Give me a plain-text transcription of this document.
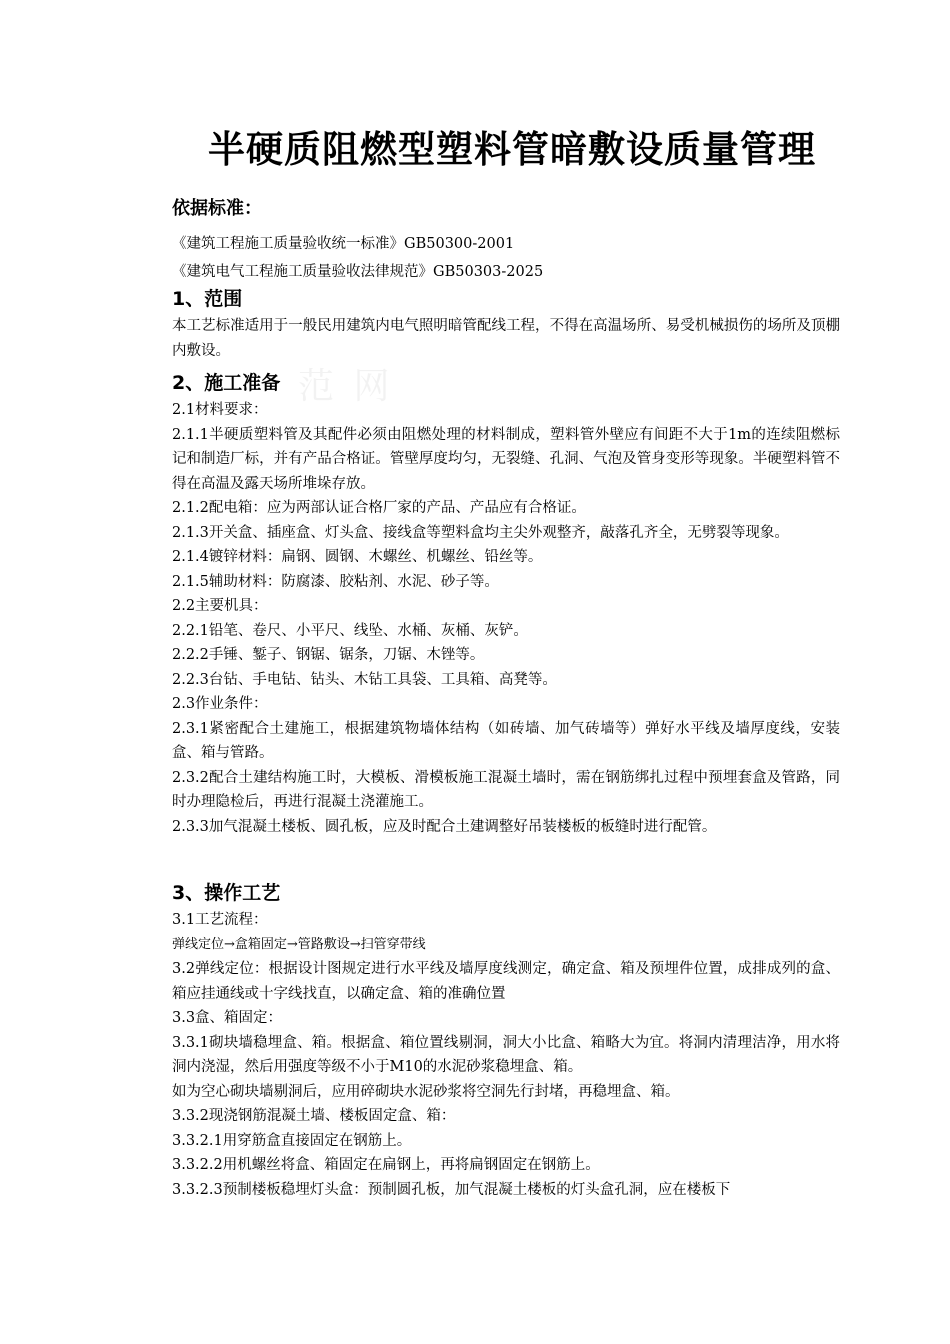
范 网
半硬质阻燃型塑料管暗敷设质量管理
依据标准：
《建筑工程施工质量验收统一标准》GB50300-2001
《建筑电气工程施工质量验收法律规范》GB50303-2025
1、范围

本工艺标准适用于一般民用建筑内电气照明暗管配线工程，不得在高温场所、易受机械损伤的场所及顶棚内敷设。

2、施工准备

2.1材料要求：

2.1.1半硬质塑料管及其配件必须由阻燃处理的材料制成，塑料管外壁应有间距不大于1m的连续阻燃标记和制造厂标，并有产品合格证。管壁厚度均匀，无裂缝、孔洞、气泡及管身变形等现象。半硬塑料管不得在高温及露天场所堆垛存放。

2.1.2配电箱：应为两部认证合格厂家的产品、产品应有合格证。

2.1.3开关盒、插座盒、灯头盒、接线盒等塑料盒均主尖外观整齐，敲落孔齐全，无劈裂等现象。

2.1.4镀锌材料：扁钢、圆钢、木螺丝、机螺丝、铅丝等。

2.1.5辅助材料：防腐漆、胶粘剂、水泥、砂子等。

2.2主要机具：

2.2.1铅笔、卷尺、小平尺、线坠、水桶、灰桶、灰铲。

2.2.2手锤、錾子、钢锯、锯条，刀锯、木锉等。

2.2.3台钻、手电钻、钻头、木钻工具袋、工具箱、高凳等。

2.3作业条件：

2.3.1紧密配合土建施工，根据建筑物墙体结构（如砖墙、加气砖墙等）弹好水平线及墙厚度线，安装盒、箱与管路。

2.3.2配合土建结构施工时，大模板、滑模板施工混凝土墙时，需在钢筋绑扎过程中预埋套盒及管路，同时办理隐检后，再进行混凝土浇灌施工。

2.3.3加气混凝土楼板、圆孔板，应及时配合土建调整好吊装楼板的板缝时进行配管。

3、操作工艺

3.1工艺流程：

弹线定位→盒箱固定→管路敷设→扫管穿带线

3.2弹线定位：根据设计图规定进行水平线及墙厚度线测定，确定盒、箱及预埋件位置，成排成列的盒、箱应挂通线或十字线找直，以确定盒、箱的准确位置

3.3盒、箱固定：

3.3.1砌块墙稳埋盒、箱。根据盒、箱位置线剔洞，洞大小比盒、箱略大为宜。将洞内清理洁净，用水将洞内浇湿，然后用强度等级不小于M10的水泥砂浆稳埋盒、箱。

如为空心砌块墙剔洞后，应用碎砌块水泥砂浆将空洞先行封堵，再稳埋盒、箱。

3.3.2现浇钢筋混凝土墙、楼板固定盒、箱：

3.3.2.1用穿筋盒直接固定在钢筋上。

3.3.2.2用机螺丝将盒、箱固定在扁钢上，再将扁钢固定在钢筋上。

3.3.2.3预制楼板稳埋灯头盒：预制圆孔板，加气混凝土楼板的灯头盒孔洞，应在楼板下
